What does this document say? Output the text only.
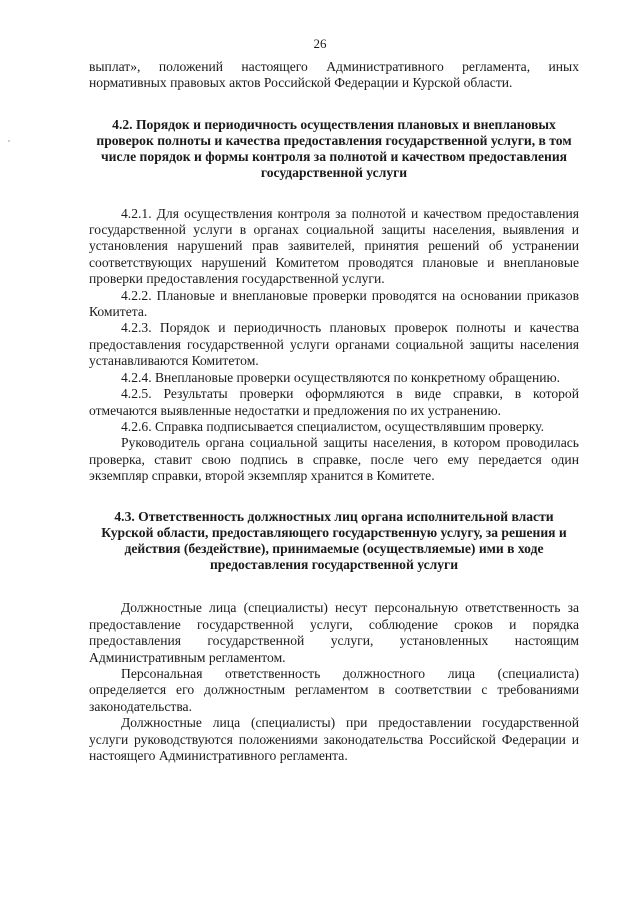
26

выплат», положений настоящего Административного регламента, иных нормативных правовых актов Российской Федерации и Курской области.

4.2. Порядок и периодичность осуществления плановых и внеплановых проверок полноты и качества предоставления государственной услуги, в том числе порядок и формы контроля за полнотой и качеством предоставления государственной услуги

4.2.1. Для осуществления контроля за полнотой и качеством предоставления государственной услуги в органах социальной защиты населения, выявления и установления нарушений прав заявителей, принятия решений об устранении соответствующих нарушений Комитетом проводятся плановые и внеплановые проверки предоставления государственной услуги.

4.2.2. Плановые и внеплановые проверки проводятся на основании приказов Комитета.

4.2.3. Порядок и периодичность плановых проверок полноты и качества предоставления государственной услуги органами социальной защиты населения устанавливаются Комитетом.

4.2.4. Внеплановые проверки осуществляются по конкретному обращению.

4.2.5. Результаты проверки оформляются в виде справки, в которой отмечаются выявленные недостатки и предложения по их устранению.

4.2.6. Справка подписывается специалистом, осуществлявшим проверку.

Руководитель органа социальной защиты населения, в котором проводилась проверка, ставит свою подпись в справке, после чего ему передается один экземпляр справки, второй экземпляр хранится в Комитете.

4.3. Ответственность должностных лиц органа исполнительной власти Курской области, предоставляющего государственную услугу, за решения и действия (бездействие), принимаемые (осуществляемые) ими в ходе предоставления государственной услуги

Должностные лица (специалисты) несут персональную ответственность за предоставление государственной услуги, соблюдение сроков и порядка предоставления государственной услуги, установленных настоящим Административным регламентом.

Персональная ответственность должностного лица (специалиста) определяется его должностным регламентом в соответствии с требованиями законодательства.

Должностные лица (специалисты) при предоставлении государственной услуги руководствуются положениями законодательства Российской Федерации и настоящего Административного регламента.
